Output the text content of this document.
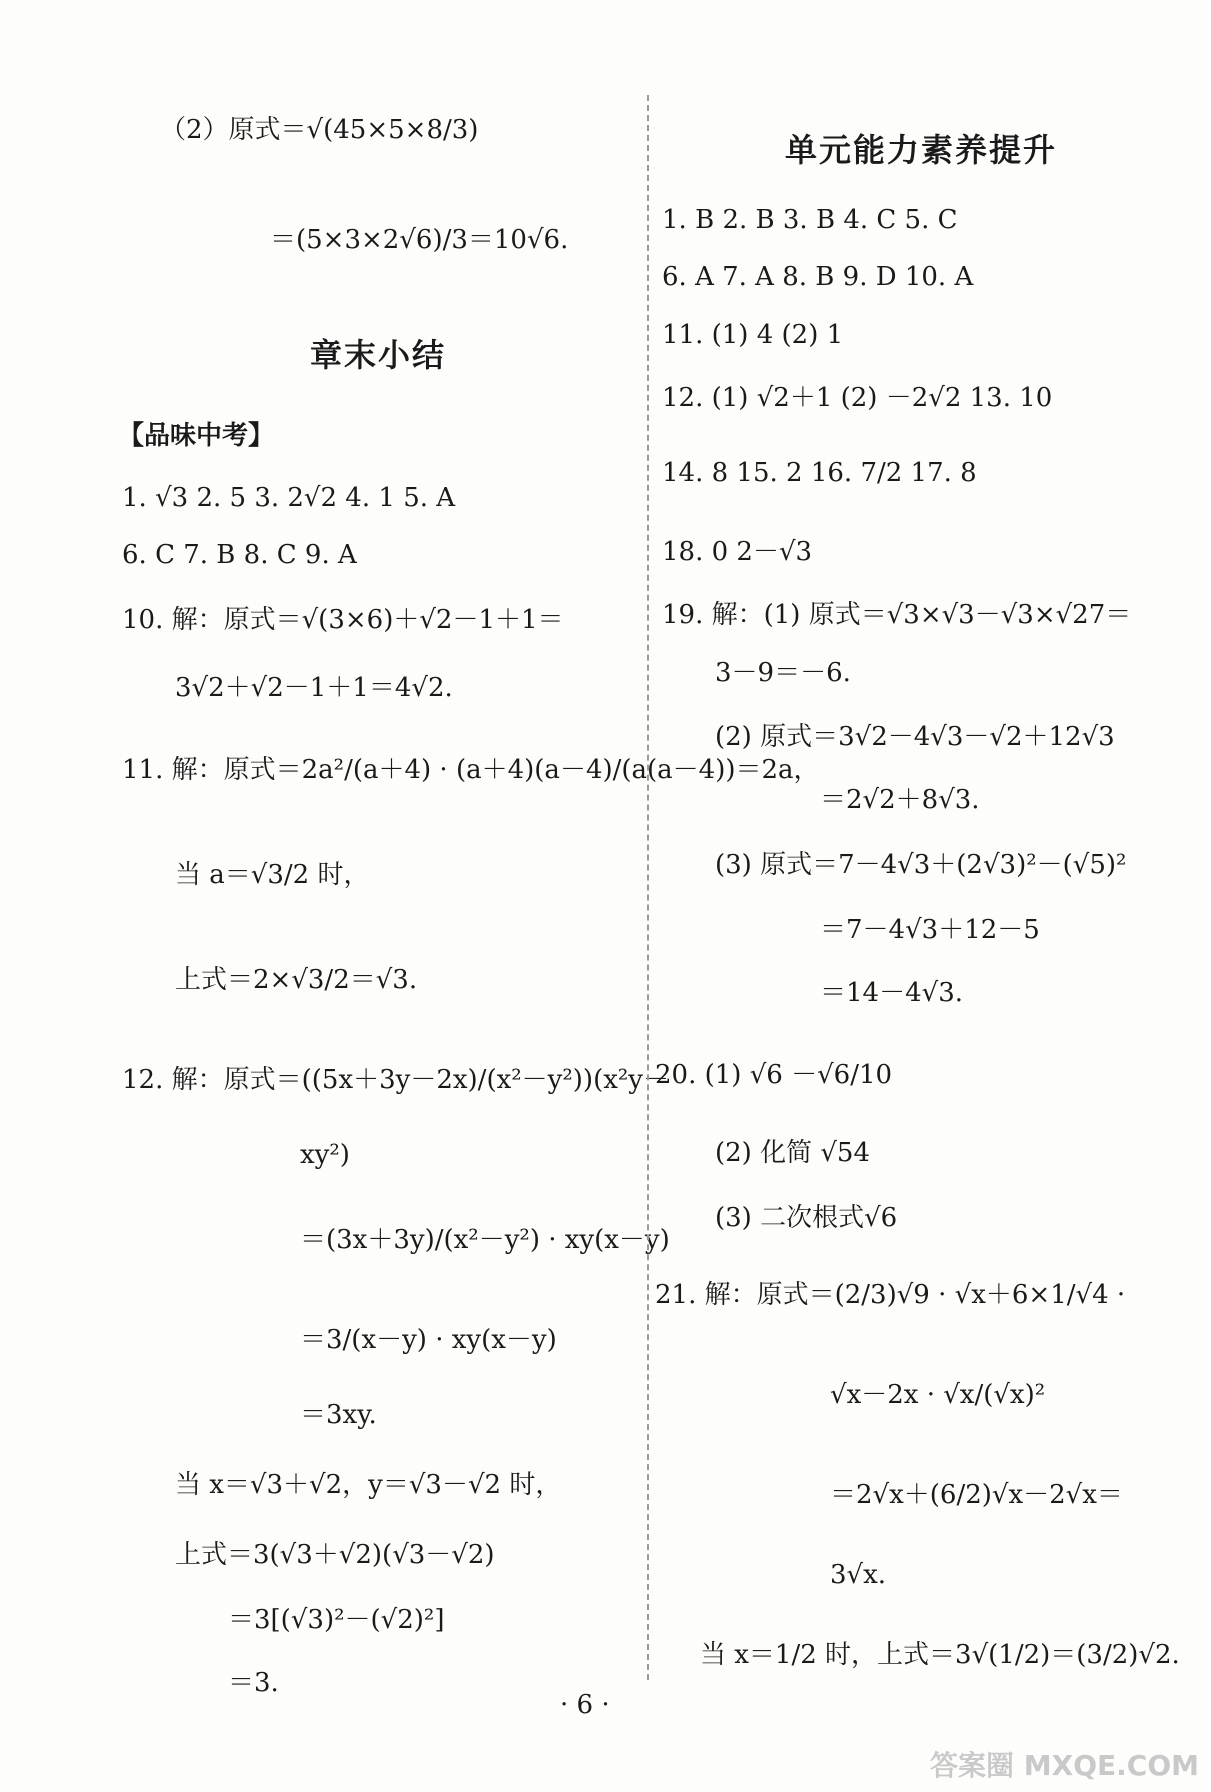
（2）原式＝√(45×5×8/3)
＝(5×3×2√6)/3＝10√6.
章末小结
【品味中考】
1. √3 2. 5 3. 2√2 4. 1 5. A
6. C 7. B 8. C 9. A
10. 解：原式＝√(3×6)＋√2－1＋1＝
3√2＋√2－1＋1＝4√2.
11. 解：原式＝2a²/(a＋4) · (a＋4)(a－4)/(a(a－4))＝2a，
当 a＝√3/2 时，
上式＝2×√3/2＝√3.
12. 解：原式＝((5x＋3y－2x)/(x²－y²))(x²y－
xy²)
＝(3x＋3y)/(x²－y²) · xy(x－y)
＝3/(x－y) · xy(x－y)
＝3xy.
当 x＝√3＋√2，y＝√3－√2 时，
上式＝3(√3＋√2)(√3－√2)
＝3[(√3)²－(√2)²]
＝3.
单元能力素养提升
1. B 2. B 3. B 4. C 5. C
6. A 7. A 8. B 9. D 10. A
11. (1) 4 (2) 1
12. (1) √2＋1 (2) －2√2 13. 10
14. 8 15. 2 16. 7/2 17. 8
18. 0 2－√3
19. 解：(1) 原式＝√3×√3－√3×√27＝
3－9＝－6.
(2) 原式＝3√2－4√3－√2＋12√3
＝2√2＋8√3.
(3) 原式＝7－4√3＋(2√3)²－(√5)²
＝7－4√3＋12－5
＝14－4√3.
20. (1) √6 －√6/10
(2) 化简 √54
(3) 二次根式√6
21. 解：原式＝(2/3)√9 · √x＋6×1/√4 ·
√x－2x · √x/(√x)²
＝2√x＋(6/2)√x－2√x＝
3√x.
当 x＝1/2 时，上式＝3√(1/2)＝(3/2)√2.
· 6 ·
答案圈 MXQE.COM
